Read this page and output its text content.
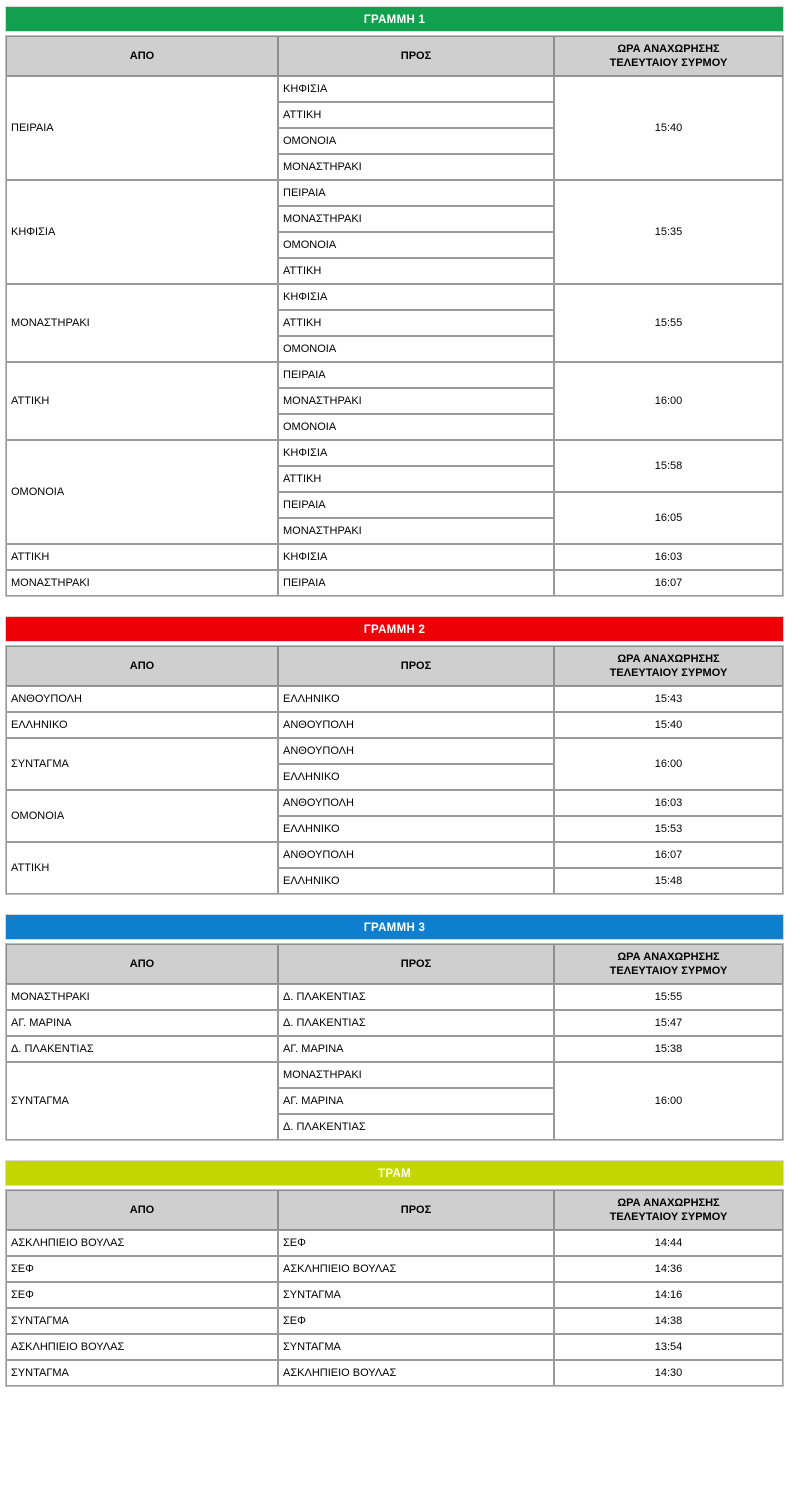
ΓΡΑΜΜΗ 1
ΑΠΟ	ΠΡΟΣ	ΩΡΑ ΑΝΑΧΩΡΗΣΗΣ
ΤΕΛΕΥΤΑΙΟΥ ΣΥΡΜΟΥ

ΠΕΙΡΑΙΑ	ΚΗΦΙΣΙΑ	15:40
	ΑΤΤΙΚΗ	
	ΟΜΟΝΟΙΑ	
	ΜΟΝΑΣΤΗΡΑΚΙ	
ΚΗΦΙΣΙΑ	ΠΕΙΡΑΙΑ	15:35
	ΜΟΝΑΣΤΗΡΑΚΙ	
	ΟΜΟΝΟΙΑ	
	ΑΤΤΙΚΗ	
ΜΟΝΑΣΤΗΡΑΚΙ	ΚΗΦΙΣΙΑ	15:55
	ΑΤΤΙΚΗ	
	ΟΜΟΝΟΙΑ	
ΑΤΤΙΚΗ	ΠΕΙΡΑΙΑ	16:00
	ΜΟΝΑΣΤΗΡΑΚΙ	
	ΟΜΟΝΟΙΑ	
ΟΜΟΝΟΙΑ	ΚΗΦΙΣΙΑ	15:58
	ΑΤΤΙΚΗ	
	ΠΕΙΡΑΙΑ	16:05
	ΜΟΝΑΣΤΗΡΑΚΙ	
ΑΤΤΙΚΗ	ΚΗΦΙΣΙΑ	16:03
ΜΟΝΑΣΤΗΡΑΚΙ	ΠΕΙΡΑΙΑ	16:07
ΓΡΑΜΜΗ 2
ΑΠΟ	ΠΡΟΣ	ΩΡΑ ΑΝΑΧΩΡΗΣΗΣ
ΤΕΛΕΥΤΑΙΟΥ ΣΥΡΜΟΥ

ΑΝΘΟΥΠΟΛΗ	ΕΛΛΗΝΙΚΟ	15:43
ΕΛΛΗΝΙΚΟ	ΑΝΘΟΥΠΟΛΗ	15:40
ΣΥΝΤΑΓΜΑ	ΑΝΘΟΥΠΟΛΗ	16:00
	ΕΛΛΗΝΙΚΟ	
ΟΜΟΝΟΙΑ	ΑΝΘΟΥΠΟΛΗ	16:03
	ΕΛΛΗΝΙΚΟ	15:53
ΑΤΤΙΚΗ	ΑΝΘΟΥΠΟΛΗ	16:07
	ΕΛΛΗΝΙΚΟ	15:48
ΓΡΑΜΜΗ 3
ΑΠΟ	ΠΡΟΣ	ΩΡΑ ΑΝΑΧΩΡΗΣΗΣ
ΤΕΛΕΥΤΑΙΟΥ ΣΥΡΜΟΥ

ΜΟΝΑΣΤΗΡΑΚΙ	Δ. ΠΛΑΚΕΝΤΙΑΣ	15:55
ΑΓ. ΜΑΡΙΝΑ	Δ. ΠΛΑΚΕΝΤΙΑΣ	15:47
Δ. ΠΛΑΚΕΝΤΙΑΣ	ΑΓ. ΜΑΡΙΝΑ	15:38
ΣΥΝΤΑΓΜΑ	ΜΟΝΑΣΤΗΡΑΚΙ	16:00
	ΑΓ. ΜΑΡΙΝΑ	
	Δ. ΠΛΑΚΕΝΤΙΑΣ	
ΤΡΑΜ
ΑΠΟ	ΠΡΟΣ	ΩΡΑ ΑΝΑΧΩΡΗΣΗΣ
ΤΕΛΕΥΤΑΙΟΥ ΣΥΡΜΟΥ

ΑΣΚΛΗΠΙΕΙΟ ΒΟΥΛΑΣ	ΣΕΦ	14:44
ΣΕΦ	ΑΣΚΛΗΠΙΕΙΟ ΒΟΥΛΑΣ	14:36
ΣΕΦ	ΣΥΝΤΑΓΜΑ	14:16
ΣΥΝΤΑΓΜΑ	ΣΕΦ	14:38
ΑΣΚΛΗΠΙΕΙΟ ΒΟΥΛΑΣ	ΣΥΝΤΑΓΜΑ	13:54
ΣΥΝΤΑΓΜΑ	ΑΣΚΛΗΠΙΕΙΟ ΒΟΥΛΑΣ	14:30
